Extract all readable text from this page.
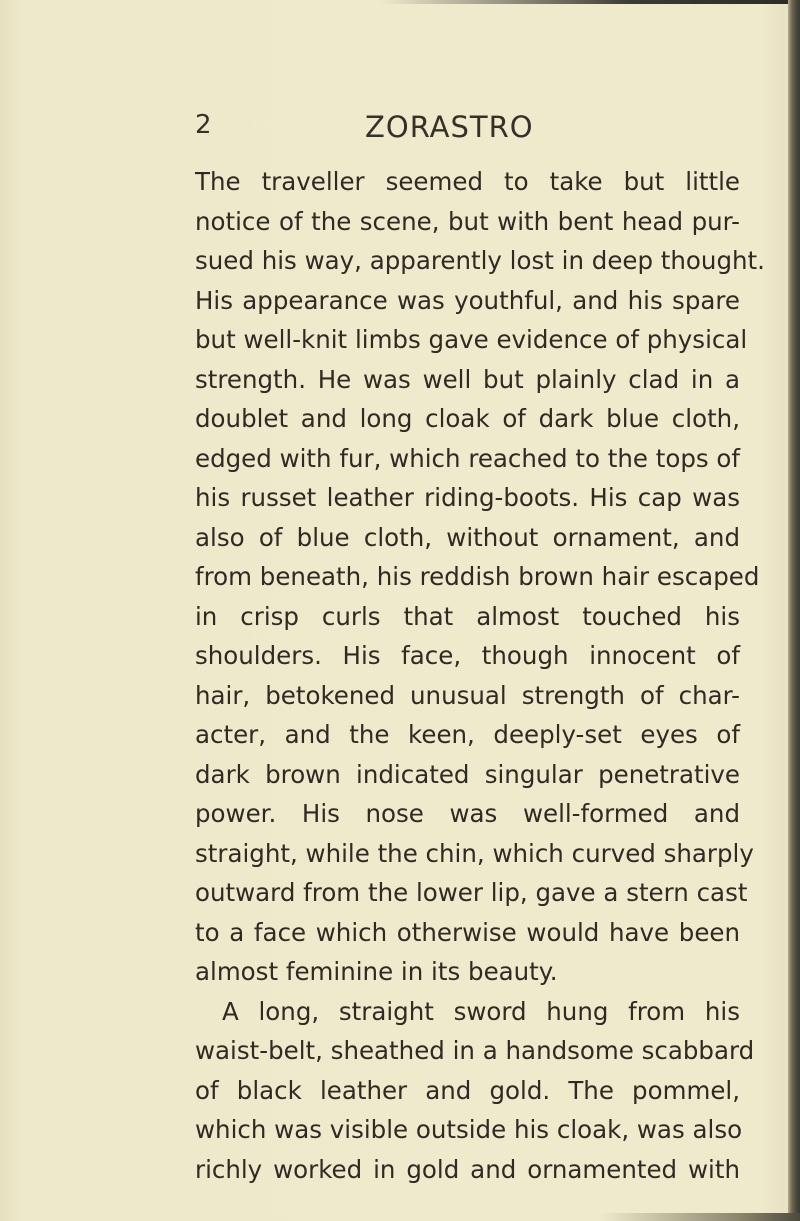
2	ZORASTRO
The traveller seemed to take but little
notice of the scene, but with bent head pur-
sued his way, apparently lost in deep thought.
His appearance was youthful, and his spare
but well-knit limbs gave evidence of physical
strength. He was well but plainly clad in a
doublet and long cloak of dark blue cloth,
edged with fur, which reached to the tops of
his russet leather riding-boots. His cap was
also of blue cloth, without ornament, and
from beneath, his reddish brown hair escaped
in crisp curls that almost touched his
shoulders. His face, though innocent of
hair, betokened unusual strength of char-
acter, and the keen, deeply-set eyes of
dark brown indicated singular penetrative
power. His nose was well-formed and
straight, while the chin, which curved sharply
outward from the lower lip, gave a stern cast
to a face which otherwise would have been
almost feminine in its beauty.
A long, straight sword hung from his
waist-belt, sheathed in a handsome scabbard
of black leather and gold. The pommel,
which was visible outside his cloak, was also
richly worked in gold and ornamented with
